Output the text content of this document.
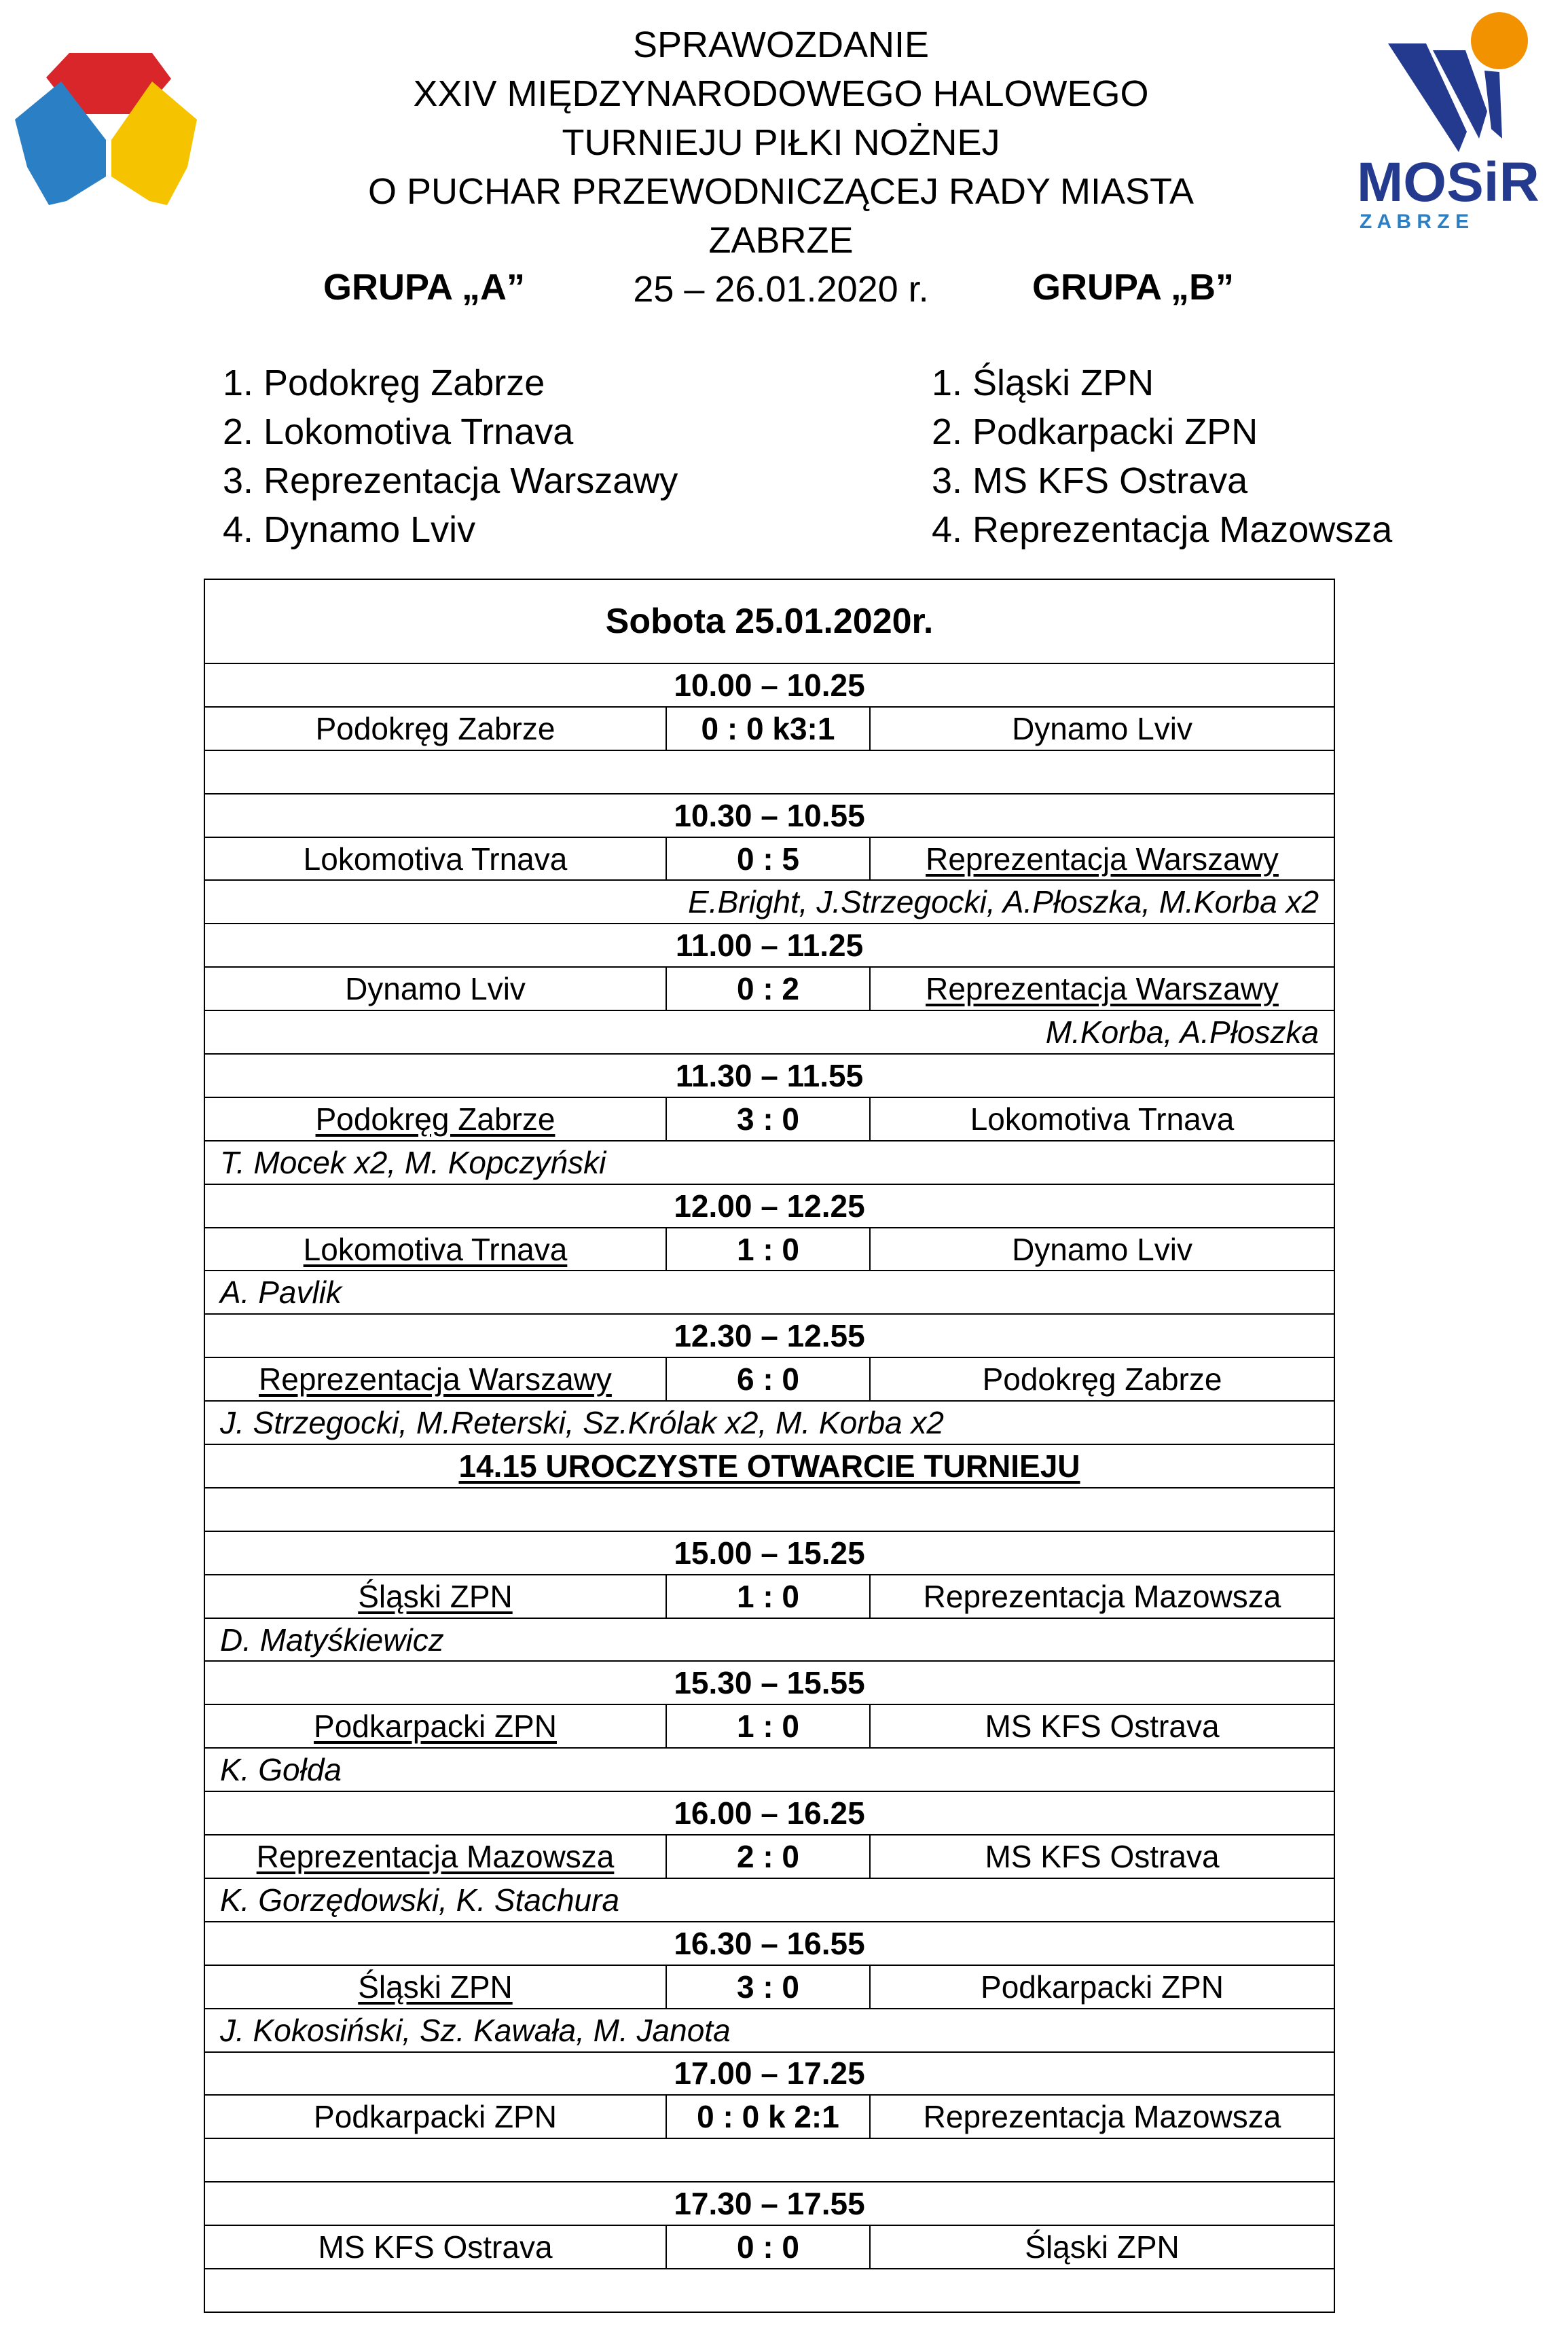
MOSiR
Z A B R Z E
SPRAWOZDANIE
XXIV MIĘDZYNARODOWEGO HALOWEGO
TURNIEJU PIŁKI NOŻNEJ
O PUCHAR PRZEWODNICZĄCEJ RADY MIASTA ZABRZE
25 – 26.01.2020 r.
GRUPA „A”	GRUPA „B”
1. Podokręg Zabrze
2. Lokomotiva Trnava
3. Reprezentacja Warszawy
4. Dynamo Lviv
1. Śląski ZPN
2. Podkarpacki ZPN
3. MS KFS Ostrava
4. Reprezentacja Mazowsza
Sobota 25.01.2020r.		
10.00 – 10.25		
Podokręg Zabrze	0 : 0 k3:1	Dynamo Lviv

10.30 – 10.55		
Lokomotiva Trnava	0 : 5	Reprezentacja Warszawy
E.Bright, J.Strzegocki, A.Płoszka, M.Korba x2		
11.00 – 11.25		
Dynamo Lviv	0 : 2	Reprezentacja Warszawy
M.Korba, A.Płoszka		
11.30 – 11.55		
Podokręg Zabrze	3 : 0	Lokomotiva Trnava
T. Mocek x2, M. Kopczyński		
12.00 – 12.25		
Lokomotiva Trnava	1 : 0	Dynamo Lviv
A. Pavlik		
12.30 – 12.55		
Reprezentacja Warszawy	6 : 0	Podokręg Zabrze
J. Strzegocki, M.Reterski, Sz.Królak x2, M. Korba x2		
14.15 UROCZYSTE OTWARCIE TURNIEJU		

15.00 – 15.25		
Śląski ZPN	1 : 0	Reprezentacja Mazowsza
D. Matyśkiewicz		
15.30 – 15.55		
Podkarpacki ZPN	1 : 0	MS KFS Ostrava
K. Gołda		
16.00 – 16.25		
Reprezentacja Mazowsza	2 : 0	MS KFS Ostrava
K. Gorzędowski, K. Stachura		
16.30 – 16.55		
Śląski ZPN	3 : 0	Podkarpacki ZPN
J. Kokosiński, Sz. Kawała, M. Janota		
17.00 – 17.25		
Podkarpacki ZPN	0 : 0 k 2:1	Reprezentacja Mazowsza

17.30 – 17.55		
MS KFS Ostrava	0 : 0	Śląski ZPN
